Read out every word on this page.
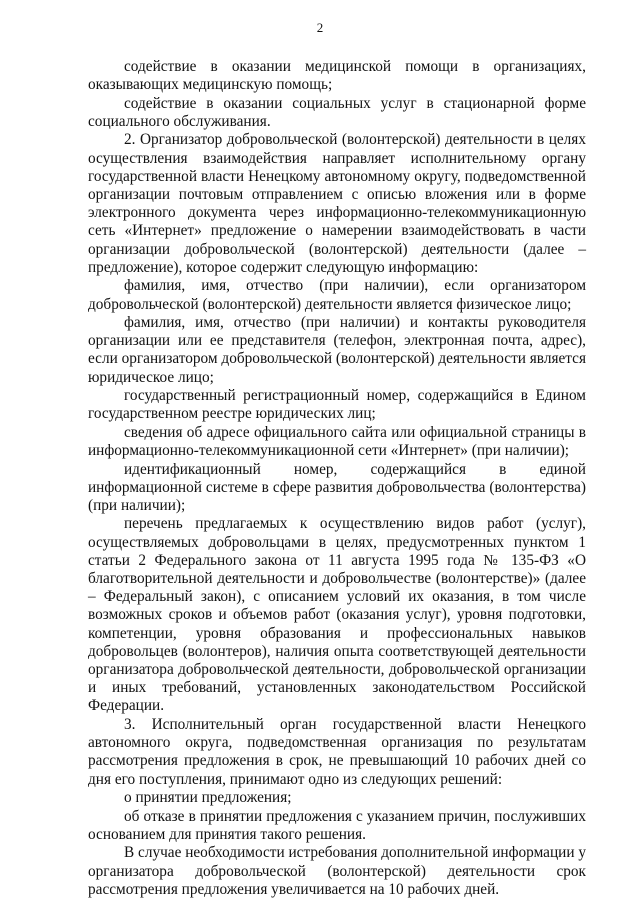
2

содействие в оказании медицинской помощи в организациях, оказывающих медицинскую помощь;

содействие в оказании социальных услуг в стационарной форме социального обслуживания.

2. Организатор добровольческой (волонтерской) деятельности в целях осуществления взаимодействия направляет исполнительному органу государственной власти Ненецкому автономному округу, подведомственной организации почтовым отправлением с описью вложения или в форме электронного документа через информационно-телекоммуникационную сеть «Интернет» предложение о намерении взаимодействовать в части организации добровольческой (волонтерской) деятельности (далее – предложение), которое содержит следующую информацию:

фамилия, имя, отчество (при наличии), если организатором добровольческой (волонтерской) деятельности является физическое лицо;

фамилия, имя, отчество (при наличии) и контакты руководителя организации или ее представителя (телефон, электронная почта, адрес), если организатором добровольческой (волонтерской) деятельности является юридическое лицо;

государственный регистрационный номер, содержащийся в Едином государственном реестре юридических лиц;

сведения об адресе официального сайта или официальной страницы в информационно-телекоммуникационной сети «Интернет» (при наличии);

идентификационный номер, содержащийся в единой информационной системе в сфере развития добровольчества (волонтерства) (при наличии);

перечень предлагаемых к осуществлению видов работ (услуг), осуществляемых добровольцами в целях, предусмотренных пунктом 1 статьи 2 Федерального закона от 11 августа 1995 года № 135-ФЗ «О благотворительной деятельности и добровольчестве (волонтерстве)» (далее – Федеральный закон), с описанием условий их оказания, в том числе возможных сроков и объемов работ (оказания услуг), уровня подготовки, компетенции, уровня образования и профессиональных навыков добровольцев (волонтеров), наличия опыта соответствующей деятельности организатора добровольческой деятельности, добровольческой организации и иных требований, установленных законодательством Российской Федерации.

3. Исполнительный орган государственной власти Ненецкого автономного округа, подведомственная организация по результатам рассмотрения предложения в срок, не превышающий 10 рабочих дней со дня его поступления, принимают одно из следующих решений:

о принятии предложения;

об отказе в принятии предложения с указанием причин, послуживших основанием для принятия такого решения.

В случае необходимости истребования дополнительной информации у организатора добровольческой (волонтерской) деятельности срок рассмотрения предложения увеличивается на 10 рабочих дней.
